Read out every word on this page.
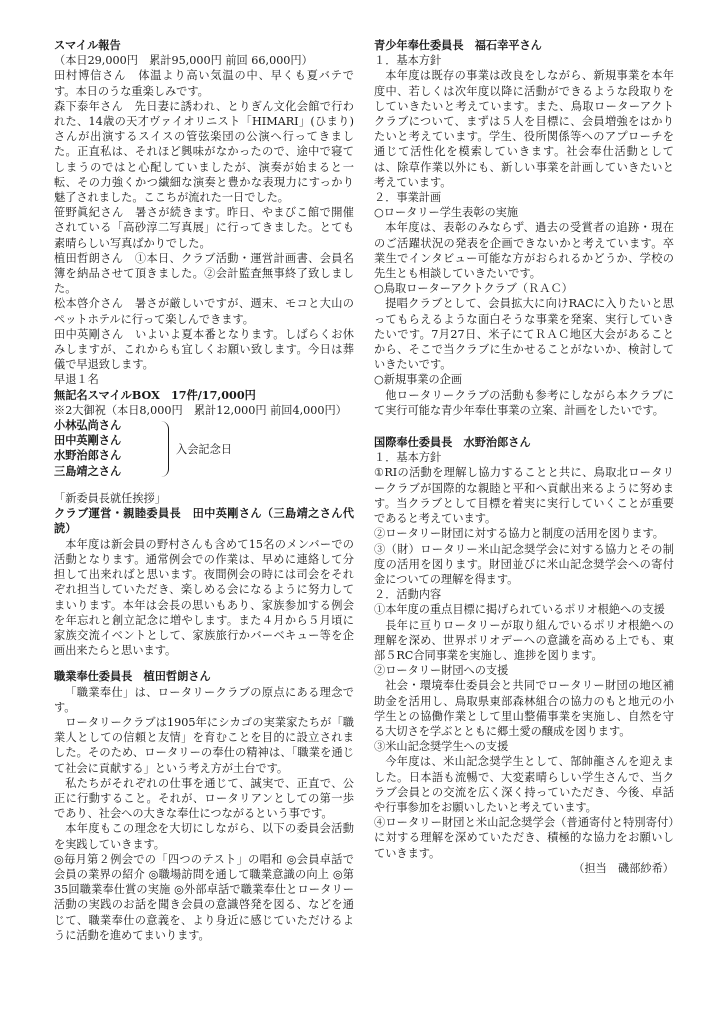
スマイル報告

（本日29,000円　累計95,000円 前回 66,000円）

田村博信さん　体温より高い気温の中、早くも夏バテです。本日のうな重楽しみです。

森下泰年さん　先日妻に誘われ、とりぎん文化会館で行われた、14歳の天才ヴァイオリニスト「HIMARI」(ひまり) さんが出演するスイスの管弦楽団の公演へ行ってきました。正直私は、それほど興味がなかったので、途中で寝てしまうのではと心配していましたが、演奏が始まると一転、その力強くかつ繊細な演奏と豊かな表現力にすっかり魅了されました。ここちが流れた一日でした。

笹野眞紀さん　暑さが続きます。昨日、やまびこ館で開催されている「高砂淳二写真展」に行ってきました。とても素晴らしい写真ばかりでした。

植田哲朗さん　①本日、クラブ活動・運営計画書、会員名簿を納品させて頂きました。②会計監査無事終了致しました。

松本啓介さん　暑さが厳しいですが、週末、モコと大山のペットホテルに行って楽しんできます。

田中英剛さん　いよいよ夏本番となります。しばらくお休みしますが、これからも宜しくお願い致します。今日は葬儀で早退致します。

早退１名

無記名スマイルBOX　17件/17,000円

※2大御祝（本日8,000円　累計12,000円 前回4,000円）

小林弘尚さん

田中英剛さん

水野治郎さん

三島靖之さん

入会記念日

「新委員長就任挨拶」

クラブ運営・親睦委員長　田中英剛さん（三島靖之さん代読）

本年度は新会員の野村さんも含めて15名のメンバーでの活動となります。通常例会での作業は、早めに連絡して分担して出来ればと思います。夜間例会の時には司会をそれぞれ担当していただき、楽しめる会になるように努力してまいります。本年は会長の思いもあり、家族参加する例会を年忘れと創立記念に増やします。また４月から５月頃に家族交流イベントとして、家族旅行かバーベキュー等を企画出来たらと思います。

職業奉仕委員長　植田哲朗さん

「職業奉仕」は、ロータリークラブの原点にある理念です。

ロータリークラブは1905年にシカゴの実業家たちが「職業人としての信頼と友情」を育むことを目的に設立されました。そのため、ロータリーの奉仕の精神は、「職業を通じて社会に貢献する」という考え方が土台です。

私たちがそれぞれの仕事を通じて、誠実で、正直で、公正に行動すること。それが、ロータリアンとしての第一歩であり、社会への大きな奉仕につながるという事です。

本年度もこの理念を大切にしながら、以下の委員会活動を実践していきます。

◎毎月第２例会での「四つのテスト」の唱和 ◎会員卓話で会員の業界の紹介 ◎職場訪問を通して職業意識の向上 ◎第35回職業奉仕賞の実施 ◎外部卓話で職業奉仕とロータリー活動の実践のお話を聞き会員の意識啓発を図る、などを通じて、職業奉仕の意義を、より身近に感じていただけるように活動を進めてまいります。

青少年奉仕委員長　福石幸平さん

１．基本方針

本年度は既存の事業は改良をしながら、新規事業を本年度中、若しくは次年度以降に活動ができるような段取りをしていきたいと考えています。また、鳥取ローターアクトクラブについて、まずは５人を目標に、会員増強をはかりたいと考えています。学生、役所関係等へのアプローチを通じて活性化を模索していきます。社会奉仕活動としては、除草作業以外にも、新しい事業を計画していきたいと考えています。

２．事業計画

○ロータリー学生表彰の実施

本年度は、表彰のみならず、過去の受賞者の追跡・現在のご活躍状況の発表を企画できないかと考えています。卒業生でインタビュー可能な方がおられるかどうか、学校の先生とも相談していきたいです。

○鳥取ローターアクトクラブ（ＲＡＣ）

提唱クラブとして、会員拡大に向けRACに入りたいと思ってもらえるような面白そうな事業を発案、実行していきたいです。7月27日、米子にてＲＡＣ地区大会があることから、そこで当クラブに生かせることがないか、検討していきたいです。

○新規事業の企画

他ロータリークラブの活動も参考にしながら本クラブにて実行可能な青少年奉仕事業の立案、計画をしたいです。

国際奉仕委員長　水野治郎さん

１．基本方針

①RIの活動を理解し協力することと共に、鳥取北ロータリークラブが国際的な親睦と平和へ貢献出来るように努めます。当クラブとして目標を着実に実行していくことが重要であると考えています。

②ロータリー財団に対する協力と制度の活用を図ります。

③（財）ロータリー米山記念奨学会に対する協力とその制度の活用を図ります。財団並びに米山記念奨学会への寄付金についての理解を得ます。

２．活動内容

①本年度の重点目標に掲げられているポリオ根絶への支援

長年に亘りロータリーが取り組んでいるポリオ根絶への理解を深め、世界ポリオデーへの意識を高める上でも、東部５RC合同事業を実施し、進捗を図ります。

②ロータリー財団への支援

社会・環境奉仕委員会と共同でロータリー財団の地区補助金を活用し、鳥取県東部森林組合の協力のもと地元の小学生との協働作業として里山整備事業を実施し、自然を守る大切さを学ぶとともに郷土愛の醸成を図ります。

③米山記念奨学生への支援

今年度は、米山記念奨学生として、郜帥龍さんを迎えました。日本語も流暢で、大変素晴らしい学生さんで、当クラブ会員との交流を広く深く持っていただき、今後、卓話や行事参加をお願いしたいと考えています。

④ロータリー財団と米山記念奨学会（普通寄付と特別寄付）に対する理解を深めていただき、積極的な協力をお願いしていきます。

（担当　磯部紗希）
